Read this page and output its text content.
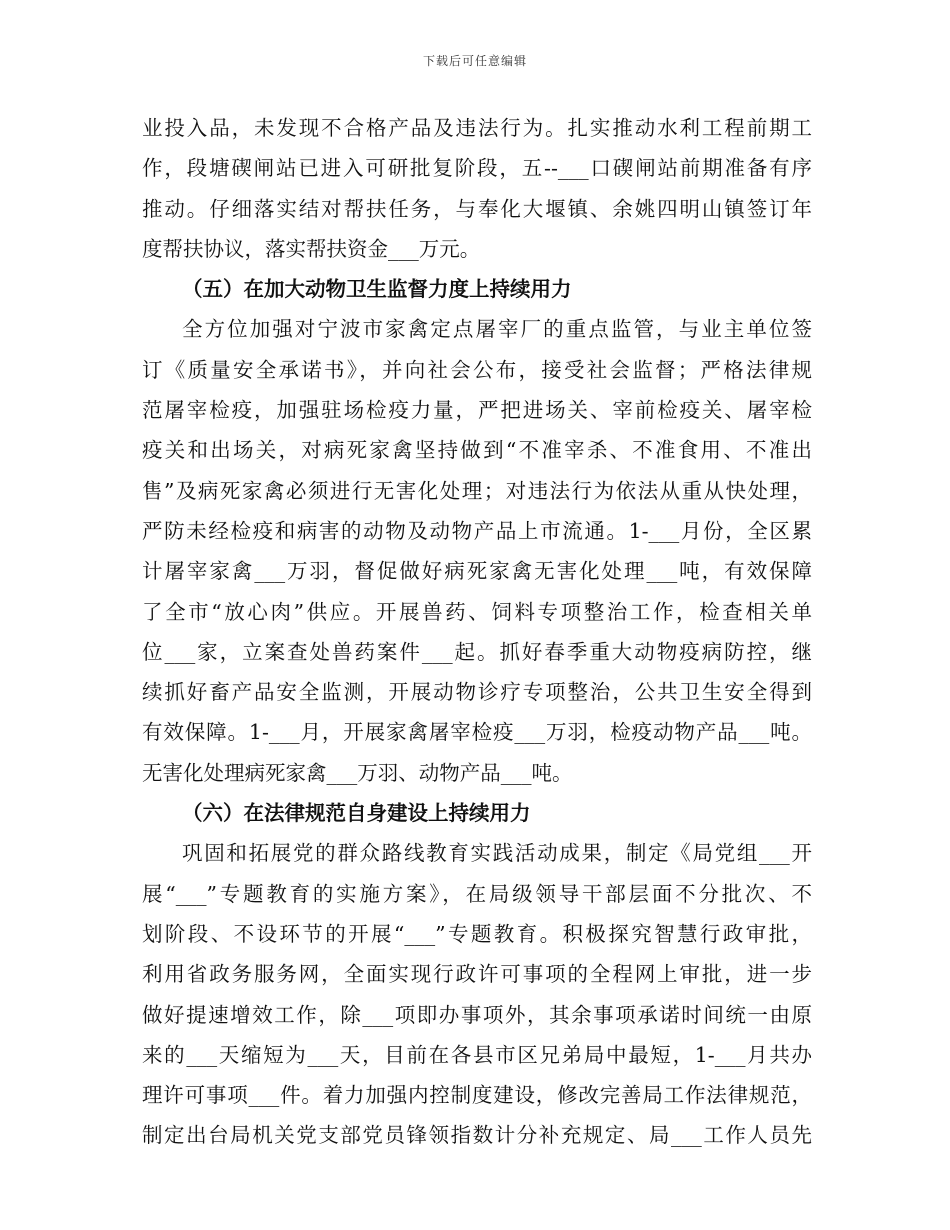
下载后可任意编辑
业投入品，未发现不合格产品及违法行为。扎实推动水利工程前期工
作，段塘碶闸站已进入可研批复阶段，五--___口碶闸站前期准备有序
推动。仔细落实结对帮扶任务，与奉化大堰镇、余姚四明山镇签订年
度帮扶协议，落实帮扶资金___万元。
（五）在加大动物卫生监督力度上持续用力
全方位加强对宁波市家禽定点屠宰厂的重点监管，与业主单位签
订《质量安全承诺书》，并向社会公布，接受社会监督；严格法律规
范屠宰检疫，加强驻场检疫力量，严把进场关、宰前检疫关、屠宰检
疫关和出场关，对病死家禽坚持做到“不准宰杀、不准食用、不准出
售”及病死家禽必须进行无害化处理；对违法行为依法从重从快处理，
严防未经检疫和病害的动物及动物产品上市流通。1-___月份，全区累
计屠宰家禽___万羽，督促做好病死家禽无害化处理___吨，有效保障
了全市“放心肉”供应。开展兽药、饲料专项整治工作，检查相关单
位___家，立案查处兽药案件___起。抓好春季重大动物疫病防控，继
续抓好畜产品安全监测，开展动物诊疗专项整治，公共卫生安全得到
有效保障。1-___月，开展家禽屠宰检疫___万羽，检疫动物产品___吨。
无害化处理病死家禽___万羽、动物产品___吨。
（六）在法律规范自身建设上持续用力
巩固和拓展党的群众路线教育实践活动成果，制定《局党组___开
展“___”专题教育的实施方案》，在局级领导干部层面不分批次、不
划阶段、不设环节的开展“___”专题教育。积极探究智慧行政审批，
利用省政务服务网，全面实现行政许可事项的全程网上审批，进一步
做好提速增效工作，除___项即办事项外，其余事项承诺时间统一由原
来的___天缩短为___天，目前在各县市区兄弟局中最短，1-___月共办
理许可事项___件。着力加强内控制度建设，修改完善局工作法律规范，
制定出台局机关党支部党员锋领指数计分补充规定、局___工作人员先
